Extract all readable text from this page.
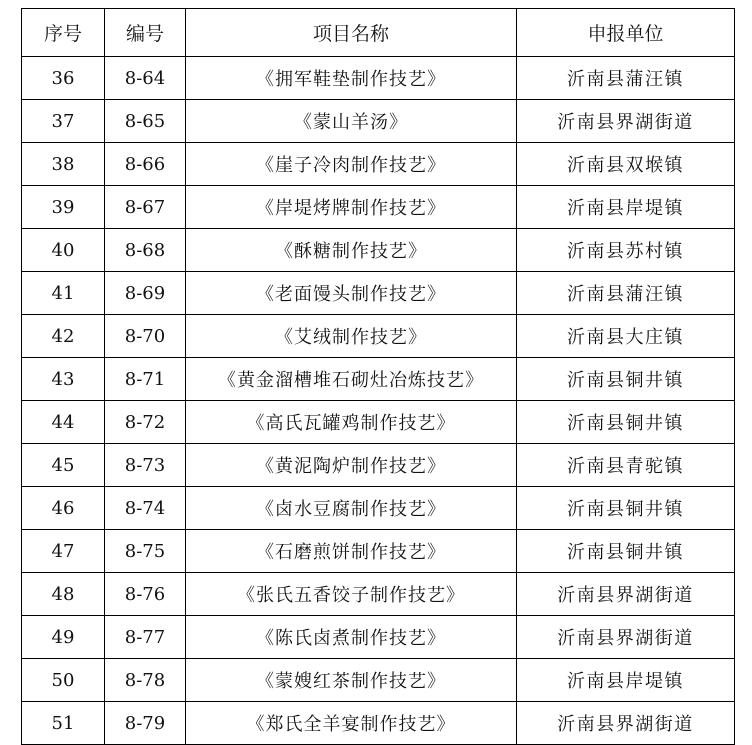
序号	编号	项目名称	申报单位
36	8-64	《拥军鞋垫制作技艺》	沂南县蒲汪镇
37	8-65	《蒙山羊汤》	沂南县界湖街道
38	8-66	《崖子冷肉制作技艺》	沂南县双堠镇
39	8-67	《岸堤烤牌制作技艺》	沂南县岸堤镇
40	8-68	《酥糖制作技艺》	沂南县苏村镇
41	8-69	《老面馒头制作技艺》	沂南县蒲汪镇
42	8-70	《艾绒制作技艺》	沂南县大庄镇
43	8-71	《黄金溜槽堆石砌灶冶炼技艺》	沂南县铜井镇
44	8-72	《高氏瓦罐鸡制作技艺》	沂南县铜井镇
45	8-73	《黄泥陶炉制作技艺》	沂南县青驼镇
46	8-74	《卤水豆腐制作技艺》	沂南县铜井镇
47	8-75	《石磨煎饼制作技艺》	沂南县铜井镇
48	8-76	《张氏五香饺子制作技艺》	沂南县界湖街道
49	8-77	《陈氏卤煮制作技艺》	沂南县界湖街道
50	8-78	《蒙嫂红茶制作技艺》	沂南县岸堤镇
51	8-79	《郑氏全羊宴制作技艺》	沂南县界湖街道
